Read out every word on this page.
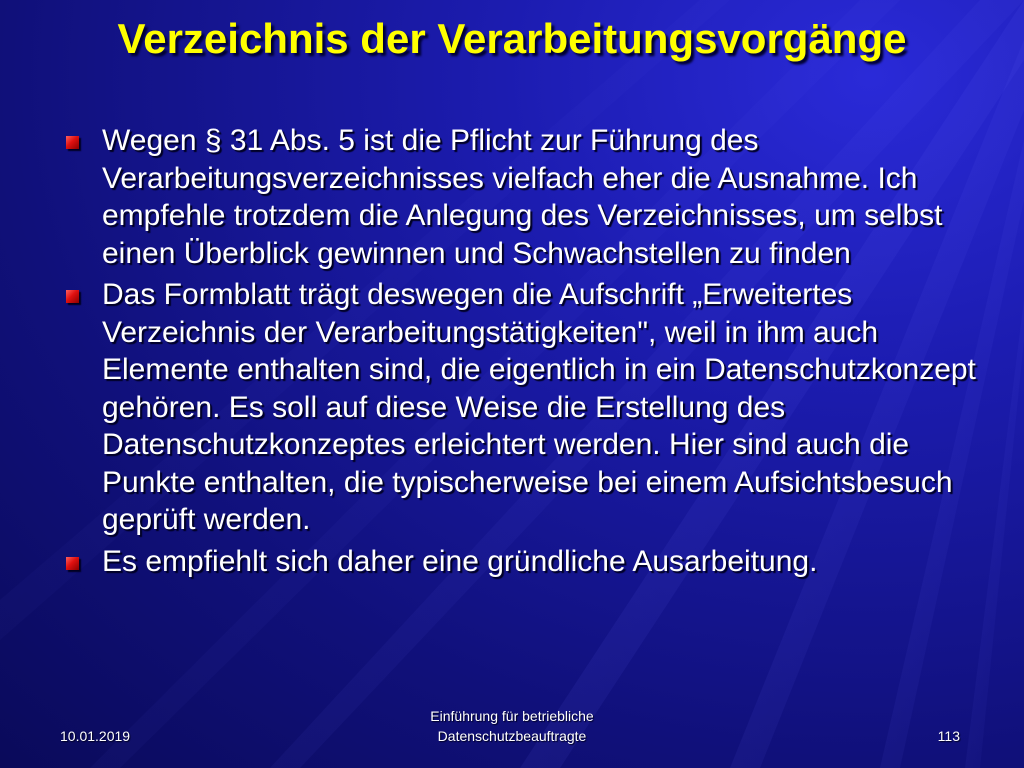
Verzeichnis der Verarbeitungsvorgänge
Wegen § 31 Abs. 5 ist die Pflicht zur Führung des Verarbeitungsverzeichnisses vielfach eher die Ausnahme. Ich empfehle trotzdem die Anlegung des Verzeichnisses, um selbst einen Überblick gewinnen und Schwachstellen zu finden
Das Formblatt trägt deswegen die Aufschrift „Erweitertes Verzeichnis der Verarbeitungstätigkeiten", weil in ihm auch Elemente enthalten sind, die eigentlich in ein Datenschutzkonzept gehören. Es soll auf diese Weise die Erstellung des Datenschutzkonzeptes erleichtert werden. Hier sind auch die Punkte enthalten, die typischerweise bei einem Aufsichtsbesuch geprüft werden.
Es empfiehlt sich daher eine gründliche Ausarbeitung.
10.01.2019
Einführung für betriebliche
Datenschutzbeauftragte	113
